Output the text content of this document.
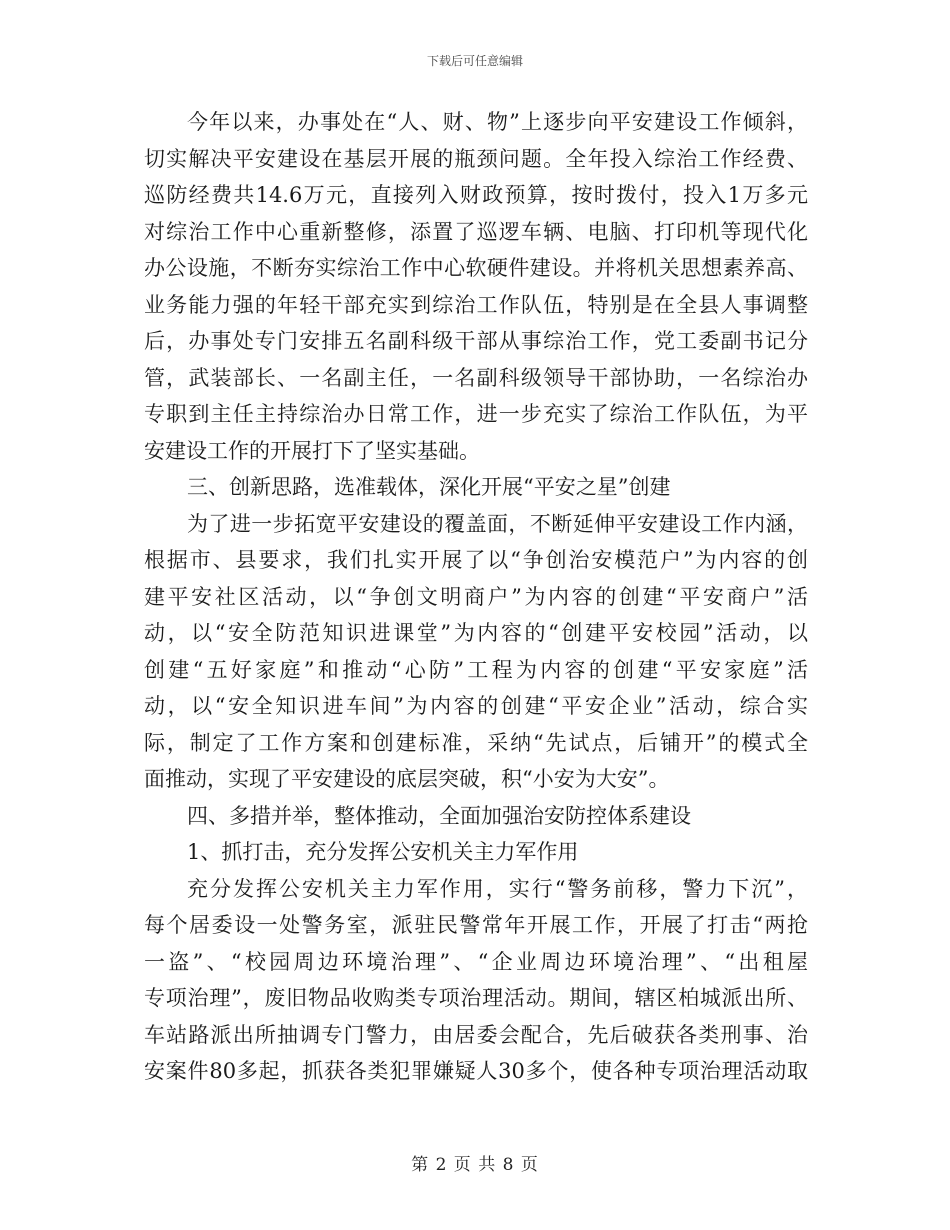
下载后可任意编辑
今年以来，办事处在“人、财、物”上逐步向平安建设工作倾斜，
切实解决平安建设在基层开展的瓶颈问题。全年投入综治工作经费、
巡防经费共14.6万元，直接列入财政预算，按时拨付，投入1万多元
对综治工作中心重新整修，添置了巡逻车辆、电脑、打印机等现代化
办公设施，不断夯实综治工作中心软硬件建设。并将机关思想素养高、
业务能力强的年轻干部充实到综治工作队伍，特别是在全县人事调整
后，办事处专门安排五名副科级干部从事综治工作，党工委副书记分
管，武装部长、一名副主任，一名副科级领导干部协助，一名综治办
专职到主任主持综治办日常工作，进一步充实了综治工作队伍，为平
安建设工作的开展打下了坚实基础。
三、创新思路，选准载体，深化开展“平安之星”创建
为了进一步拓宽平安建设的覆盖面，不断延伸平安建设工作内涵，
根据市、县要求，我们扎实开展了以“争创治安模范户”为内容的创
建平安社区活动，以“争创文明商户”为内容的创建“平安商户”活
动，以“安全防范知识进课堂”为内容的“创建平安校园”活动，以
创建“五好家庭”和推动“心防”工程为内容的创建“平安家庭”活
动，以“安全知识进车间”为内容的创建“平安企业”活动，综合实
际，制定了工作方案和创建标准，采纳“先试点，后铺开”的模式全
面推动，实现了平安建设的底层突破，积“小安为大安”。
四、多措并举，整体推动，全面加强治安防控体系建设
1、抓打击，充分发挥公安机关主力军作用
充分发挥公安机关主力军作用，实行“警务前移，警力下沉”，
每个居委设一处警务室，派驻民警常年开展工作，开展了打击“两抢
一盗”、“校园周边环境治理”、“企业周边环境治理”、“出租屋
专项治理”，废旧物品收购类专项治理活动。期间，辖区柏城派出所、
车站路派出所抽调专门警力，由居委会配合，先后破获各类刑事、治
安案件80多起，抓获各类犯罪嫌疑人30多个，使各种专项治理活动取
第 2 页 共 8 页
